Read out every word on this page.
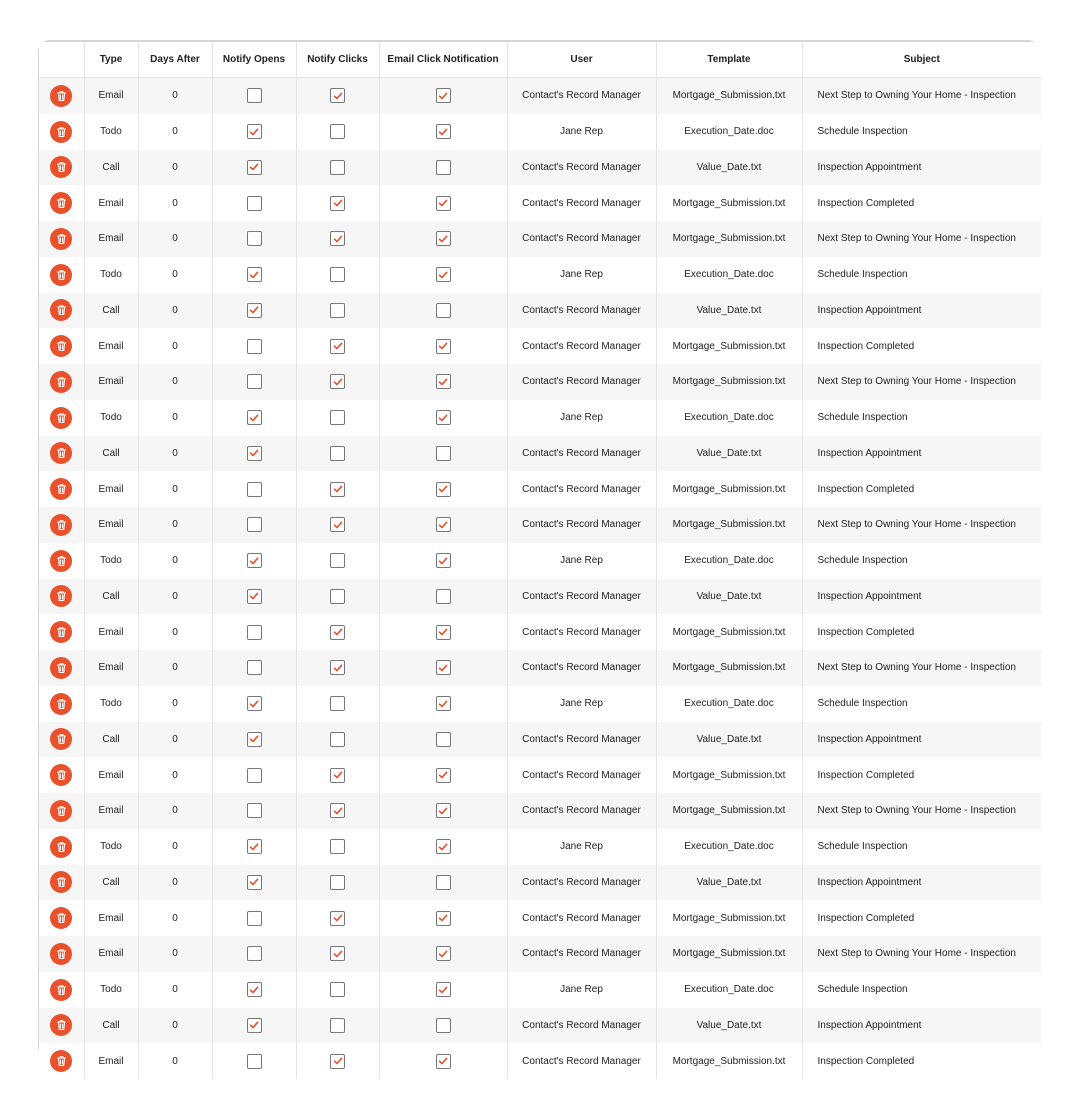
	Type	Days After	Notify Opens	Notify Clicks	Email Click Notification	User	Template	Subject

	Email	0				Contact's Record Manager	Mortgage_Submission.txt	Next Step to Owning Your Home - Inspection

	Todo	0				Jane Rep	Execution_Date.doc	Schedule Inspection

	Call	0				Contact's Record Manager	Value_Date.txt	Inspection Appointment

	Email	0				Contact's Record Manager	Mortgage_Submission.txt	Inspection Completed

	Email	0				Contact's Record Manager	Mortgage_Submission.txt	Next Step to Owning Your Home - Inspection

	Todo	0				Jane Rep	Execution_Date.doc	Schedule Inspection

	Call	0				Contact's Record Manager	Value_Date.txt	Inspection Appointment

	Email	0				Contact's Record Manager	Mortgage_Submission.txt	Inspection Completed

	Email	0				Contact's Record Manager	Mortgage_Submission.txt	Next Step to Owning Your Home - Inspection

	Todo	0				Jane Rep	Execution_Date.doc	Schedule Inspection

	Call	0				Contact's Record Manager	Value_Date.txt	Inspection Appointment

	Email	0				Contact's Record Manager	Mortgage_Submission.txt	Inspection Completed

	Email	0				Contact's Record Manager	Mortgage_Submission.txt	Next Step to Owning Your Home - Inspection

	Todo	0				Jane Rep	Execution_Date.doc	Schedule Inspection

	Call	0				Contact's Record Manager	Value_Date.txt	Inspection Appointment

	Email	0				Contact's Record Manager	Mortgage_Submission.txt	Inspection Completed

	Email	0				Contact's Record Manager	Mortgage_Submission.txt	Next Step to Owning Your Home - Inspection

	Todo	0				Jane Rep	Execution_Date.doc	Schedule Inspection

	Call	0				Contact's Record Manager	Value_Date.txt	Inspection Appointment

	Email	0				Contact's Record Manager	Mortgage_Submission.txt	Inspection Completed

	Email	0				Contact's Record Manager	Mortgage_Submission.txt	Next Step to Owning Your Home - Inspection

	Todo	0				Jane Rep	Execution_Date.doc	Schedule Inspection

	Call	0				Contact's Record Manager	Value_Date.txt	Inspection Appointment

	Email	0				Contact's Record Manager	Mortgage_Submission.txt	Inspection Completed

	Email	0				Contact's Record Manager	Mortgage_Submission.txt	Next Step to Owning Your Home - Inspection

	Todo	0				Jane Rep	Execution_Date.doc	Schedule Inspection

	Call	0				Contact's Record Manager	Value_Date.txt	Inspection Appointment

	Email	0				Contact's Record Manager	Mortgage_Submission.txt	Inspection Completed
